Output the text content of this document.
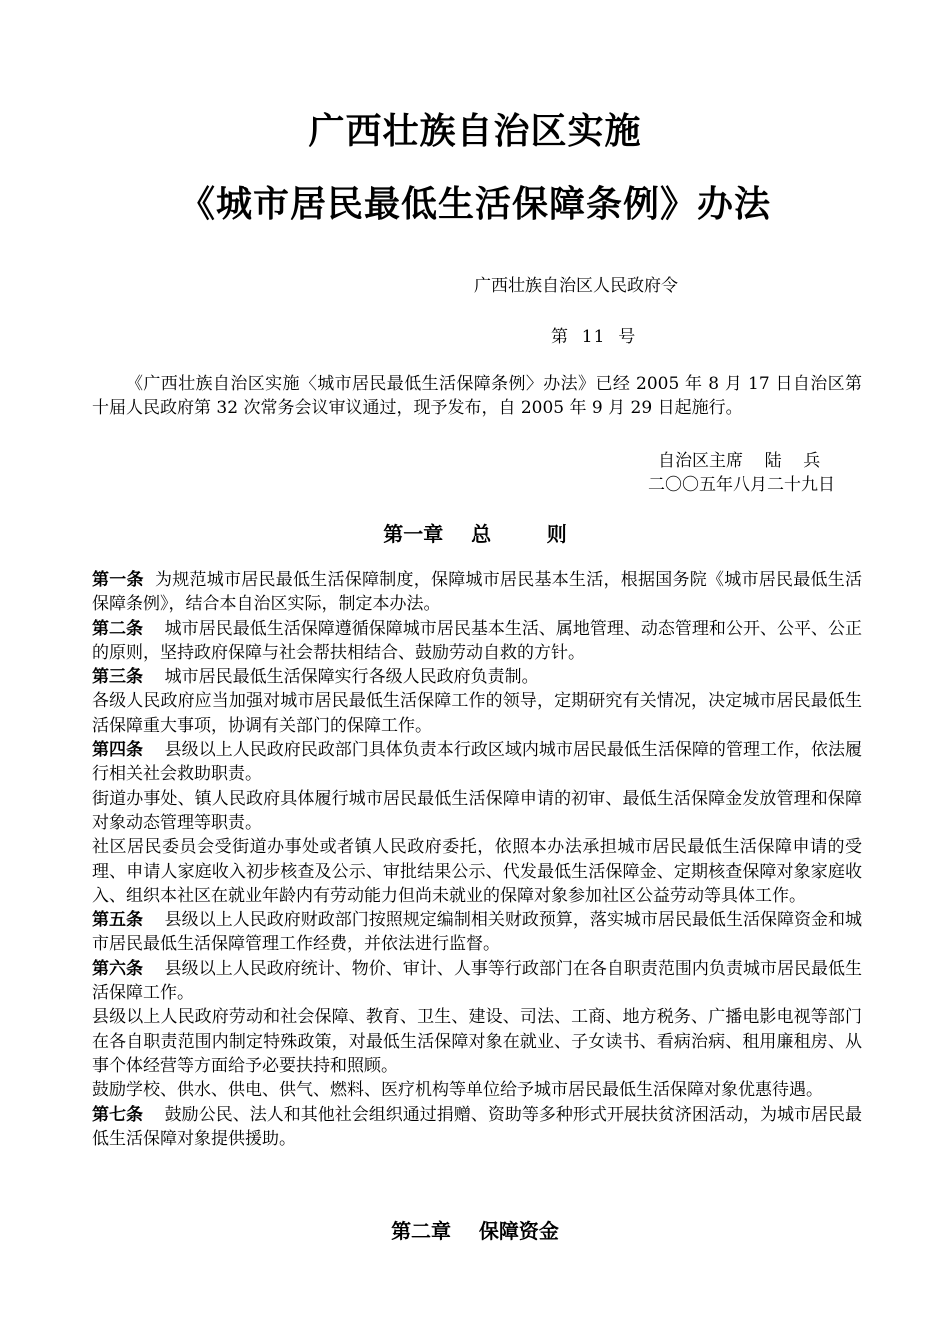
广西壮族自治区实施
《城市居民最低生活保障条例》办法
广西壮族自治区人民政府令
第  11  号
《广西壮族自治区实施〈城市居民最低生活保障条例〉办法》已经 2005 年 8 月 17 日自治区第十届人民政府第 32 次常务会议审议通过，现予发布，自 2005 年 9 月 29 日起施行。
自治区主席    陆    兵
二〇〇五年八月二十九日
第一章    总        则

第一条  为规范城市居民最低生活保障制度，保障城市居民基本生活，根据国务院《城市居民最低生活保障条例》，结合本自治区实际，制定本办法。

第二条    城市居民最低生活保障遵循保障城市居民基本生活、属地管理、动态管理和公开、公平、公正的原则，坚持政府保障与社会帮扶相结合、鼓励劳动自救的方针。

第三条    城市居民最低生活保障实行各级人民政府负责制。

各级人民政府应当加强对城市居民最低生活保障工作的领导，定期研究有关情况，决定城市居民最低生活保障重大事项，协调有关部门的保障工作。

第四条    县级以上人民政府民政部门具体负责本行政区域内城市居民最低生活保障的管理工作，依法履行相关社会救助职责。

街道办事处、镇人民政府具体履行城市居民最低生活保障申请的初审、最低生活保障金发放管理和保障对象动态管理等职责。

社区居民委员会受街道办事处或者镇人民政府委托，依照本办法承担城市居民最低生活保障申请的受理、申请人家庭收入初步核查及公示、审批结果公示、代发最低生活保障金、定期核查保障对象家庭收入、组织本社区在就业年龄内有劳动能力但尚未就业的保障对象参加社区公益劳动等具体工作。

第五条    县级以上人民政府财政部门按照规定编制相关财政预算，落实城市居民最低生活保障资金和城市居民最低生活保障管理工作经费，并依法进行监督。

第六条    县级以上人民政府统计、物价、审计、人事等行政部门在各自职责范围内负责城市居民最低生活保障工作。

县级以上人民政府劳动和社会保障、教育、卫生、建设、司法、工商、地方税务、广播电影电视等部门在各自职责范围内制定特殊政策，对最低生活保障对象在就业、子女读书、看病治病、租用廉租房、从事个体经营等方面给予必要扶持和照顾。

鼓励学校、供水、供电、供气、燃料、医疗机构等单位给予城市居民最低生活保障对象优惠待遇。

第七条    鼓励公民、法人和其他社会组织通过捐赠、资助等多种形式开展扶贫济困活动，为城市居民最低生活保障对象提供援助。

第二章    保障资金
